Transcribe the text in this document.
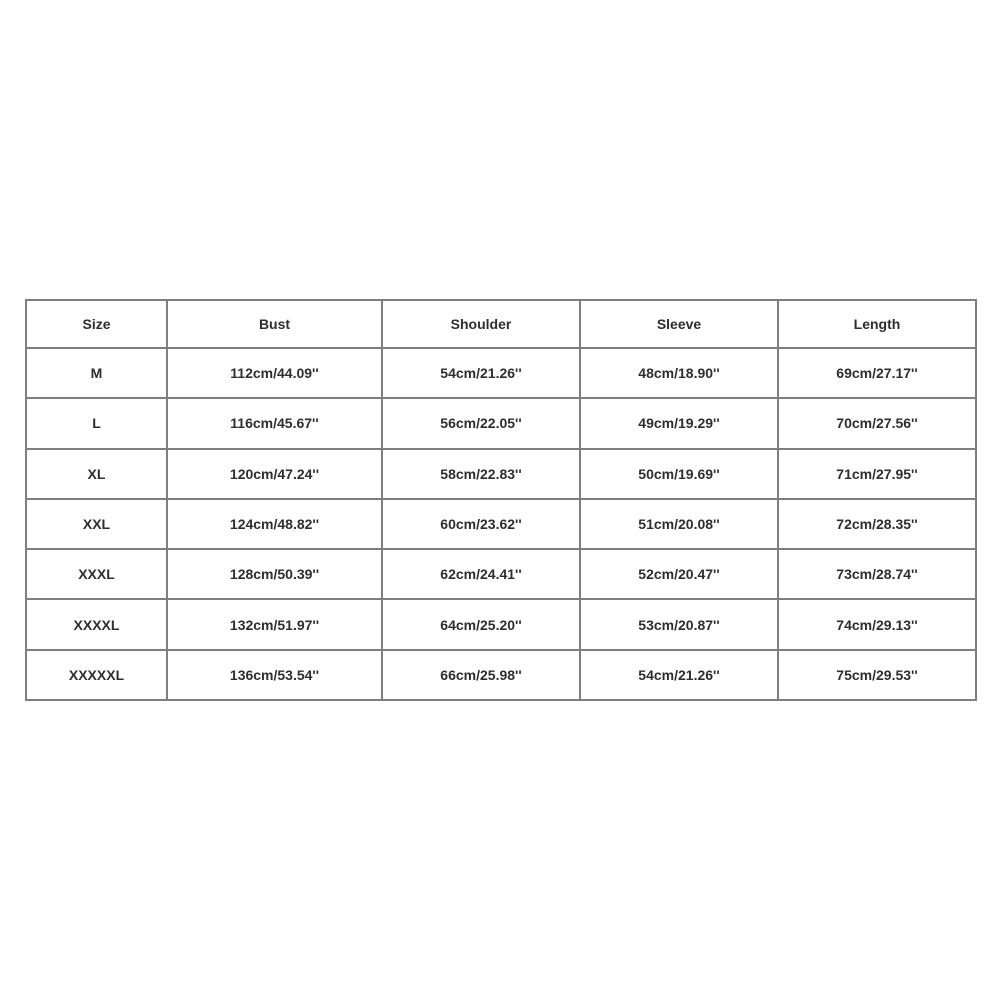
Size	Bust	Shoulder	Sleeve	Length
M	112cm/44.09''	54cm/21.26''	48cm/18.90''	69cm/27.17''
L	116cm/45.67''	56cm/22.05''	49cm/19.29''	70cm/27.56''
XL	120cm/47.24''	58cm/22.83''	50cm/19.69''	71cm/27.95''
XXL	124cm/48.82''	60cm/23.62''	51cm/20.08''	72cm/28.35''
XXXL	128cm/50.39''	62cm/24.41''	52cm/20.47''	73cm/28.74''
XXXXL	132cm/51.97''	64cm/25.20''	53cm/20.87''	74cm/29.13''
XXXXXL	136cm/53.54''	66cm/25.98''	54cm/21.26''	75cm/29.53''
